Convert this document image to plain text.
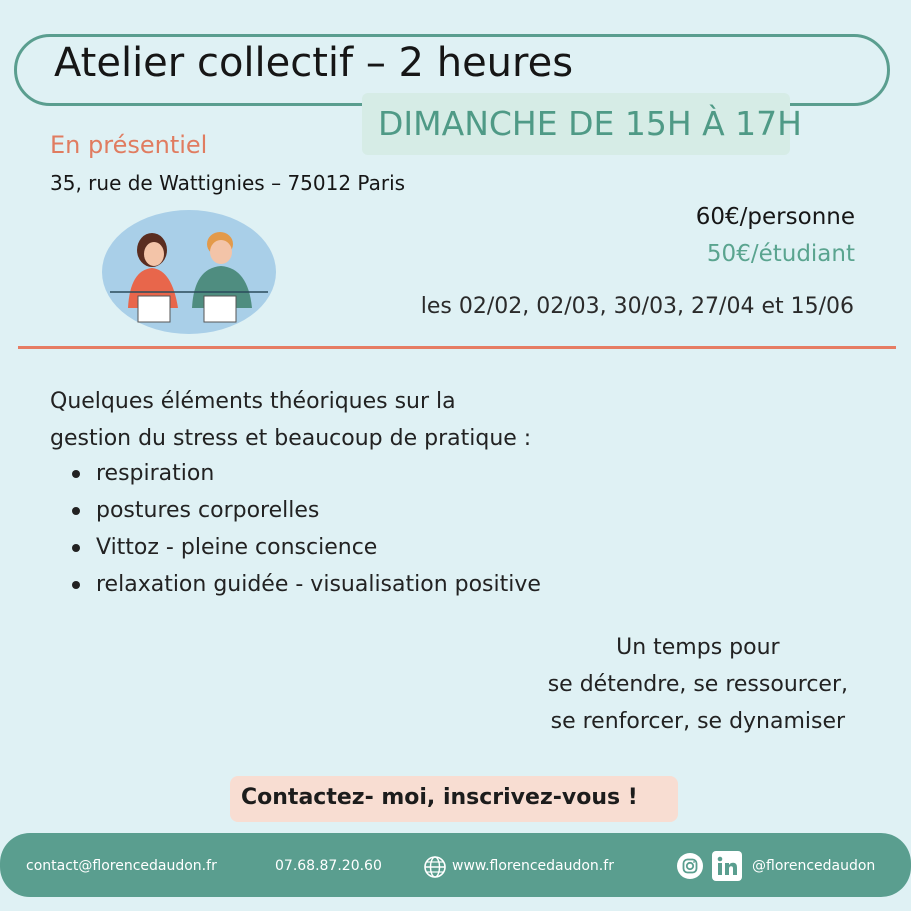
Atelier collectif – 2 heures
DIMANCHE DE 15H À 17H
En présentiel
35, rue de Wattignies – 75012 Paris
60€/personne
50€/étudiant
les 02/02, 02/03, 30/03, 27/04 et 15/06
Quelques éléments théoriques sur la
gestion du stress et beaucoup de pratique :
respiration
postures corporelles
Vittoz - pleine conscience
relaxation guidée - visualisation positive
Un temps pour
se détendre, se ressourcer,
se renforcer, se dynamiser
Contactez- moi, inscrivez-vous !
contact@florencedaudon.fr	07.68.87.20.60	www.florencedaudon.fr	@florencedaudon
